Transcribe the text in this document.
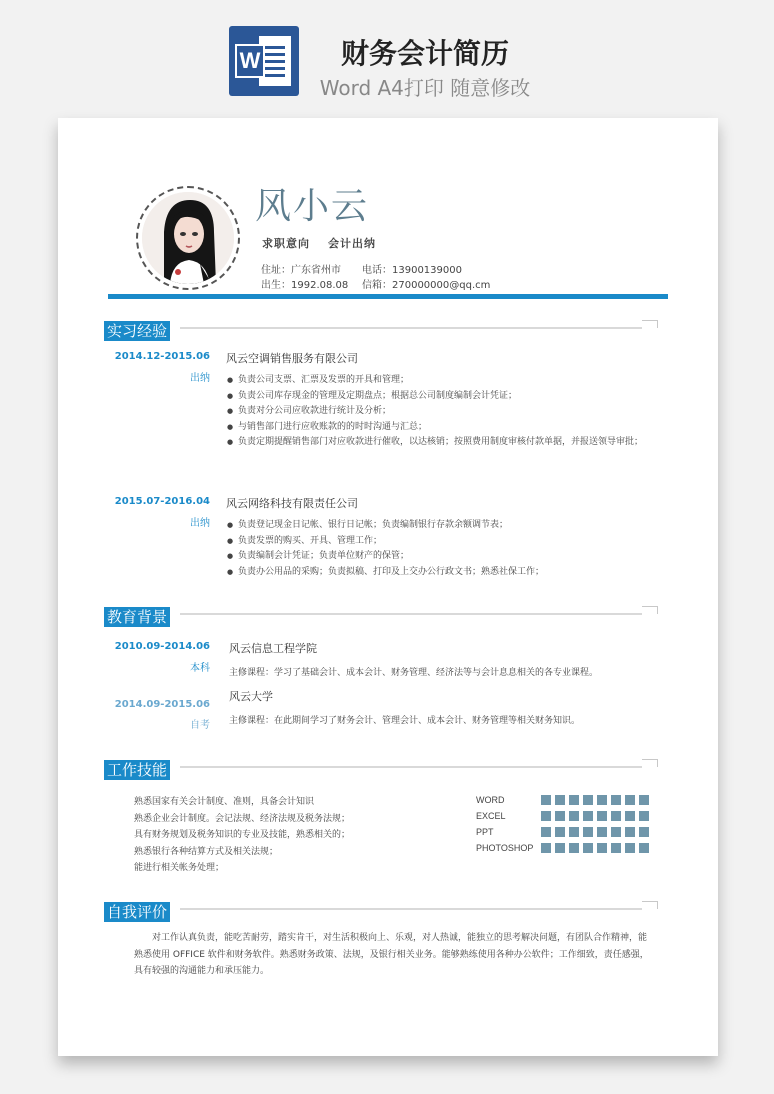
W	财务会计简历
Word A4打印 随意修改
风小云
求职意向 会计出纳
住址：广东省州市 电话：13900139000
出生：1992.08.08 信箱：270000000@qq.cm
实习经验
2014.12-2015.06
出纳
风云空调销售服务有限公司
● 负责公司支票、汇票及发票的开具和管理；
● 负责公司库存现金的管理及定期盘点；根据总公司制度编制会计凭证；
● 负责对分公司应收款进行统计及分析；
● 与销售部门进行应收账款的的时时沟通与汇总；
● 负责定期提醒销售部门对应收款进行催收，以达核销；按照费用制度审核付款单据，并报送领导审批；
2015.07-2016.04
出纳
风云网络科技有限责任公司
● 负责登记现金日记帐、银行日记帐；负责编制银行存款余额调节表；
● 负责发票的购买、开具、管理工作；
● 负责编制会计凭证；负责单位财产的保管；
● 负责办公用品的采购；负责拟稿、打印及上交办公行政文书；熟悉社保工作；
教育背景
2010.09-2014.06
本科
风云信息工程学院
主修课程：学习了基础会计、成本会计、财务管理、经济法等与会计息息相关的各专业课程。
2014.09-2015.06
自考
风云大学
主修课程：在此期间学习了财务会计、管理会计、成本会计、财务管理等相关财务知识。
工作技能
熟悉国家有关会计制度、准则，具备会计知识
熟悉企业会计制度。会记法规、经济法规及税务法规；
具有财务规划及税务知识的专业及技能，熟悉相关的；
熟悉银行各种结算方式及相关法规；
能进行相关帐务处理；
WORD
EXCEL
PPT
PHOTOSHOP
自我评价
对工作认真负责，能吃苦耐劳，踏实肯干，对生活积极向上、乐观，对人热诚，能独立的思考解决问题，有团队合作精神，能熟悉使用 OFFICE 软件和财务软件。熟悉财务政策、法规，及银行相关业务。能够熟练使用各种办公软件；工作细致，责任感强，具有较强的沟通能力和承压能力。
